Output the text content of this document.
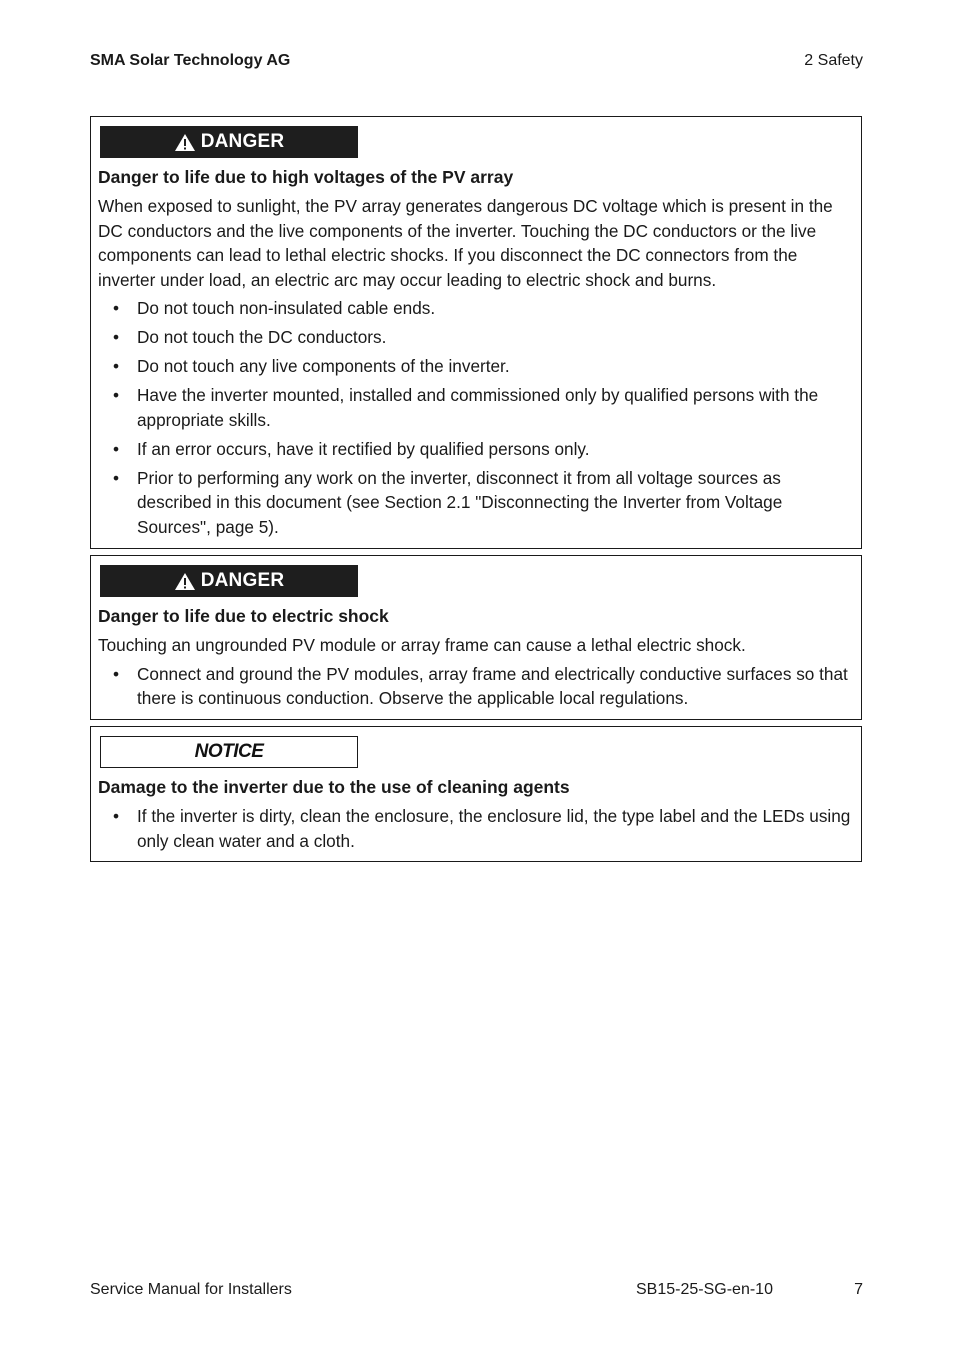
SMA Solar Technology AG	2 Safety
DANGER
Danger to life due to high voltages of the PV array

When exposed to sunlight, the PV array generates dangerous DC voltage which is present in the DC conductors and the live components of the inverter. Touching the DC conductors or the live components can lead to lethal electric shocks. If you disconnect the DC connectors from the inverter under load, an electric arc may occur leading to electric shock and burns.

• Do not touch non-insulated cable ends.
• Do not touch the DC conductors.
• Do not touch any live components of the inverter.
• Have the inverter mounted, installed and commissioned only by qualified persons with the appropriate skills.
• If an error occurs, have it rectified by qualified persons only.
• Prior to performing any work on the inverter, disconnect it from all voltage sources as described in this document (see Section 2.1 "Disconnecting the Inverter from Voltage Sources", page 5).
DANGER
Danger to life due to electric shock

Touching an ungrounded PV module or array frame can cause a lethal electric shock.

• Connect and ground the PV modules, array frame and electrically conductive surfaces so that there is continuous conduction. Observe the applicable local regulations.
NOTICE
Damage to the inverter due to the use of cleaning agents
• If the inverter is dirty, clean the enclosure, the enclosure lid, the type label and the LEDs using only clean water and a cloth.
Service Manual for Installers	SB15-25-SG-en-10	7
